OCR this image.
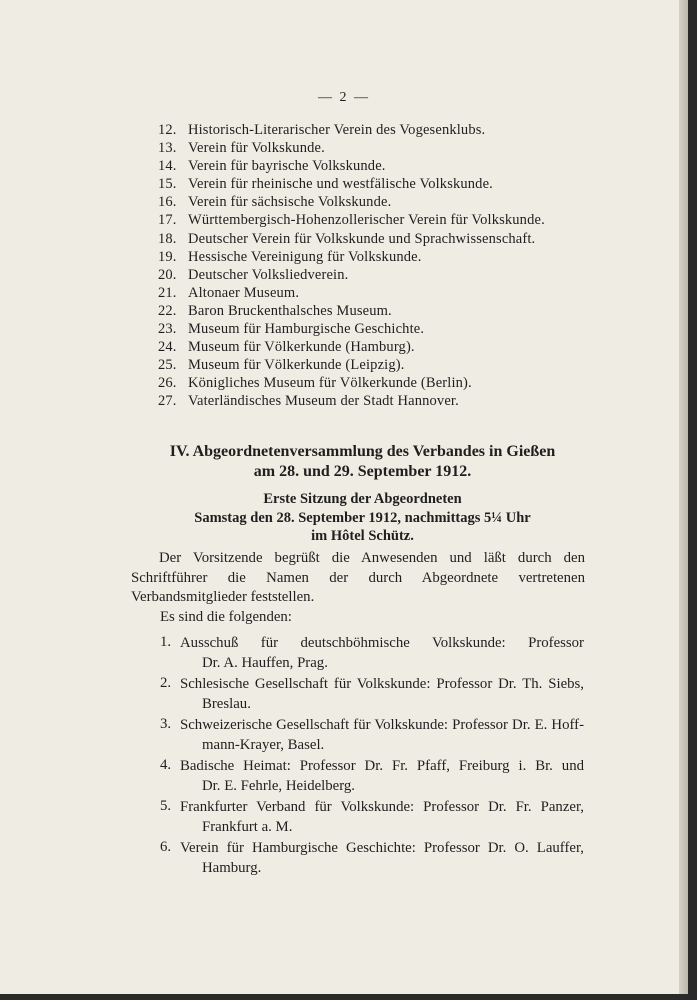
— 2 —
12. Historisch-Literarischer Verein des Vogesenklubs.
13. Verein für Volkskunde.
14. Verein für bayrische Volkskunde.
15. Verein für rheinische und westfälische Volkskunde.
16. Verein für sächsische Volkskunde.
17. Württembergisch-Hohenzollerischer Verein für Volkskunde.
18. Deutscher Verein für Volkskunde und Sprachwissenschaft.
19. Hessische Vereinigung für Volkskunde.
20. Deutscher Volksliedverein.
21. Altonaer Museum.
22. Baron Bruckenthalsches Museum.
23. Museum für Hamburgische Geschichte.
24. Museum für Völkerkunde (Hamburg).
25. Museum für Völkerkunde (Leipzig).
26. Königliches Museum für Völkerkunde (Berlin).
27. Vaterländisches Museum der Stadt Hannover.
IV. Abgeordnetenversammlung des Verbandes in Gießen
am 28. und 29. September 1912.
Erste Sitzung der Abgeordneten
Samstag den 28. September 1912, nachmittags 5¼ Uhr
im Hôtel Schütz.
Der Vorsitzende begrüßt die Anwesenden und läßt durch den Schriftführer die Namen der durch Abgeordnete vertretenen Verbandsmitglieder feststellen.
Es sind die folgenden:
1. Ausschuß für deutschböhmische Volkskunde: Professor
Dr. A. Hauffen, Prag.
2. Schlesische Gesellschaft für Volkskunde: Professor Dr. Th. Siebs,
Breslau.
3. Schweizerische Gesellschaft für Volkskunde: Professor Dr. E. Hoff-
mann-Krayer, Basel.
4. Badische Heimat: Professor Dr. Fr. Pfaff, Freiburg i. Br. und
Dr. E. Fehrle, Heidelberg.
5. Frankfurter Verband für Volkskunde: Professor Dr. Fr. Panzer,
Frankfurt a. M.
6. Verein für Hamburgische Geschichte: Professor Dr. O. Lauffer,
Hamburg.
